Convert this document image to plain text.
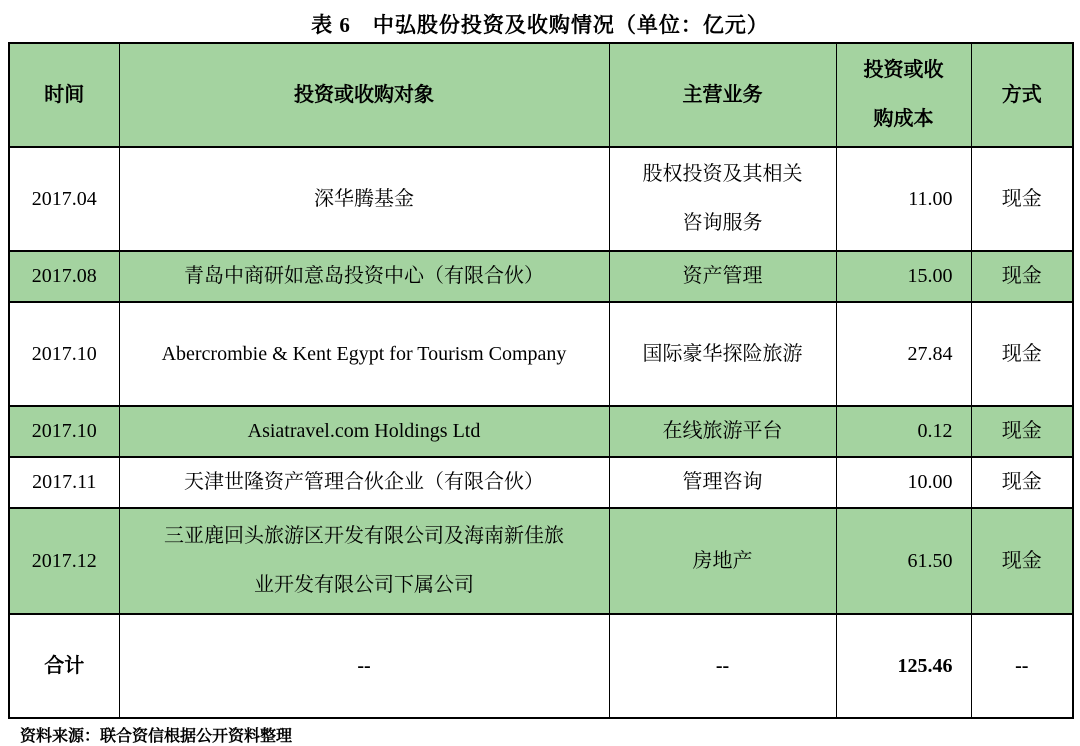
表 6　中弘股份投资及收购情况（单位：亿元）
时间	投资或收购对象	主营业务	投资或收购成本	方式
2017.04	深华腾基金	股权投资及其相关咨询服务	11.00	现金
2017.08	青岛中商研如意岛投资中心（有限合伙）	资产管理	15.00	现金
2017.10	Abercrombie & Kent Egypt for Tourism Company	国际豪华探险旅游	27.84	现金
2017.10	Asiatravel.com Holdings Ltd	在线旅游平台	0.12	现金
2017.11	天津世隆资产管理合伙企业（有限合伙）	管理咨询	10.00	现金
2017.12	三亚鹿回头旅游区开发有限公司及海南新佳旅业开发有限公司下属公司	房地产	61.50	现金
合计	--	--	125.46	--
资料来源：联合资信根据公开资料整理
